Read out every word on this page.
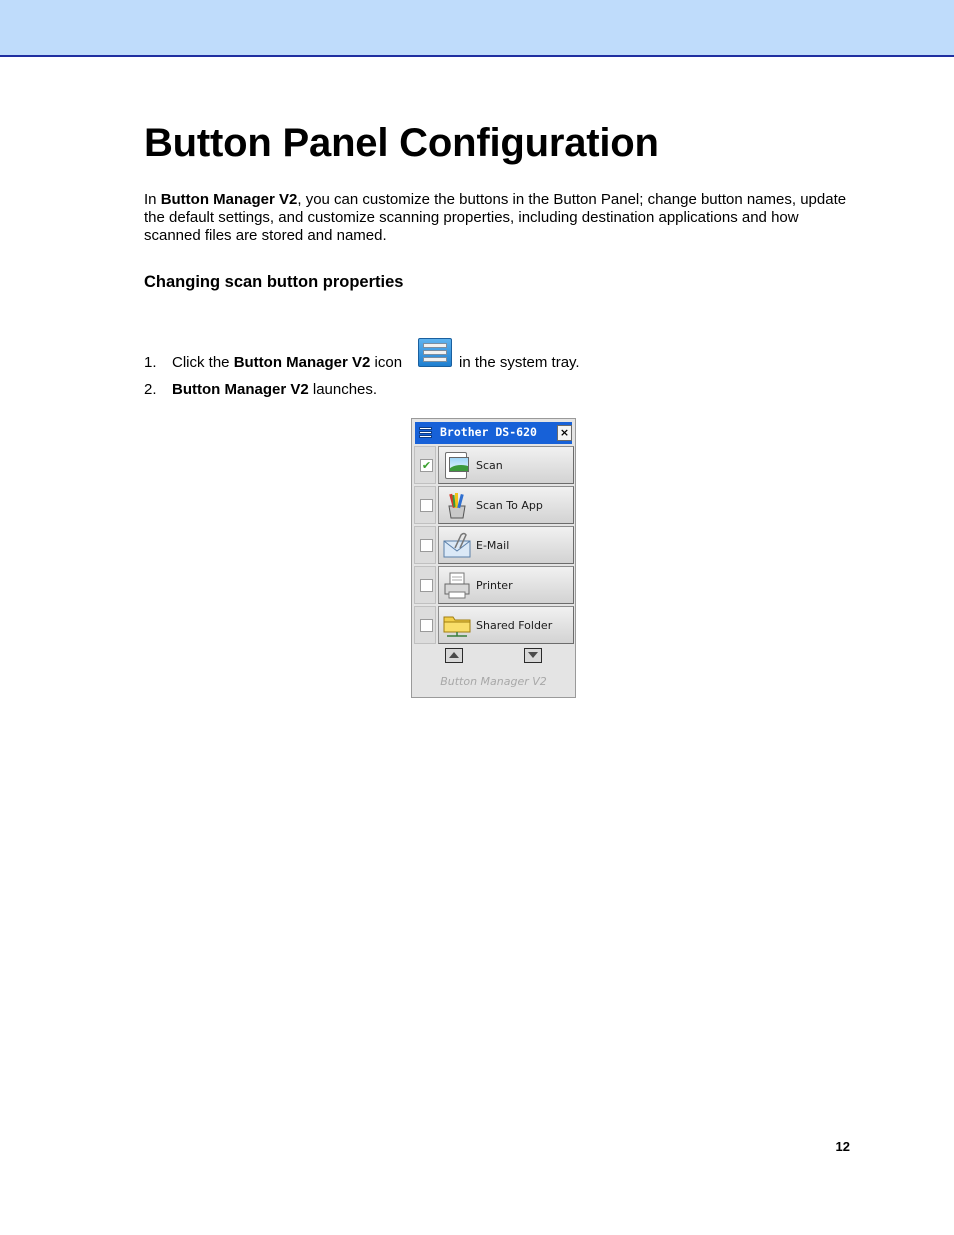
Button Panel Configuration

In Button Manager V2, you can customize the buttons in the Button Panel; change button names, update the default settings, and customize scanning properties, including destination applications and how scanned files are stored and named.

Changing scan button properties
1. Click the Button Manager V2 icon	in the system tray.
2. Button Manager V2 launches.
Brother DS-620 ×
✔	Scan
Scan To App
E-Mail
Printer
Shared Folder
Button Manager V2
12
